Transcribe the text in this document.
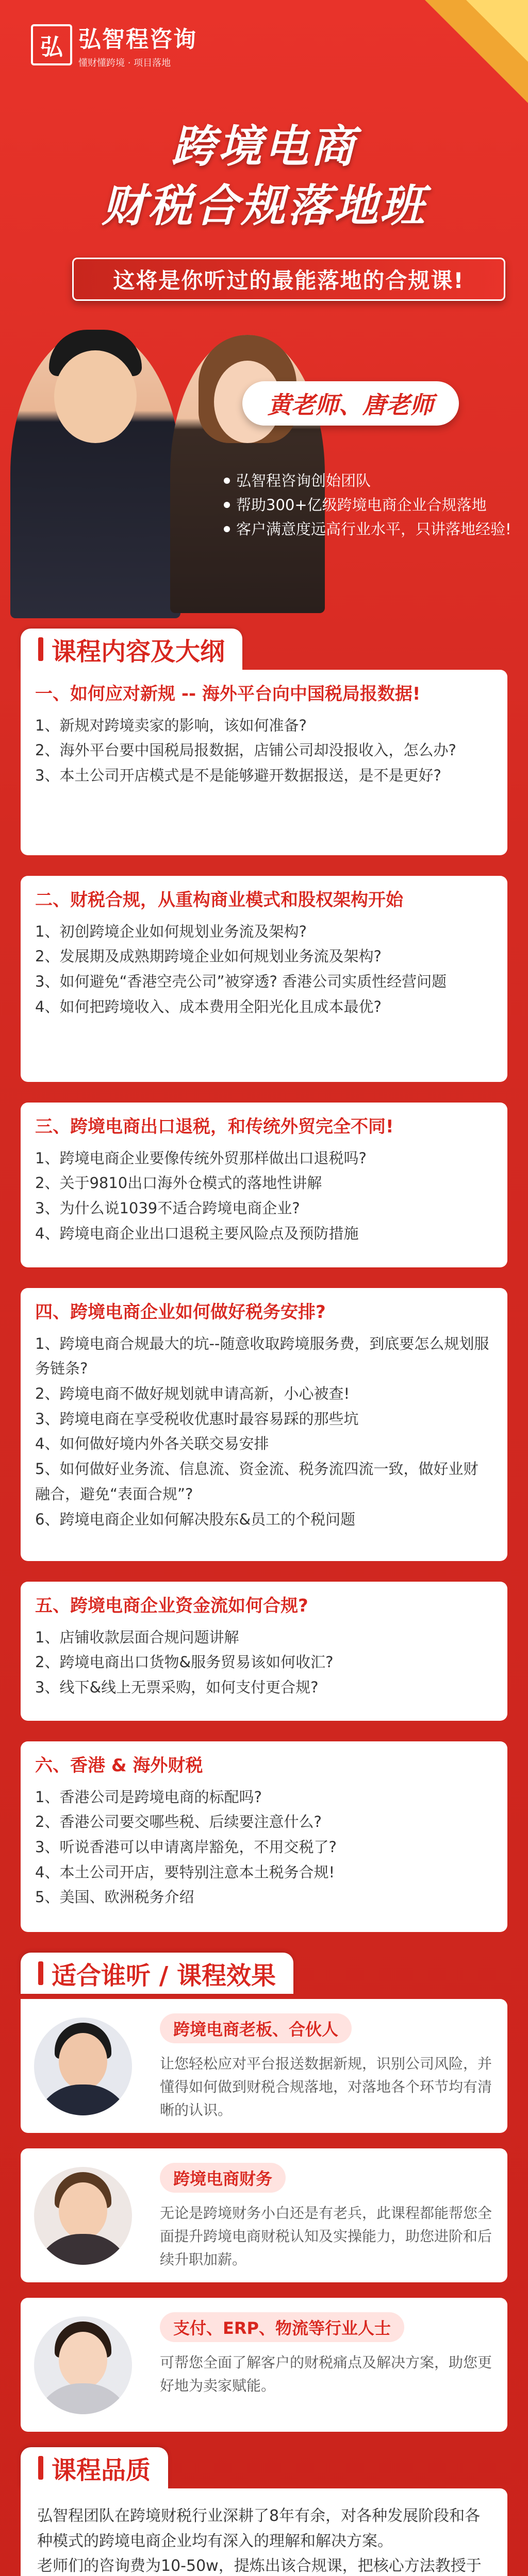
弘 弘智程咨询
懂财懂跨境 · 项目落地
跨境电商
财税合规落地班
这将是你听过的最能落地的合规课!
黄老师、唐老师
弘智程咨询创始团队
帮助300+亿级跨境电商企业合规落地
客户满意度远高行业水平，只讲落地经验!
课程内容及大纲
一、如何应对新规 -- 海外平台向中国税局报数据!
1、新规对跨境卖家的影响，该如何准备?
2、海外平台要中国税局报数据，店铺公司却没报收入，怎么办?
3、本土公司开店模式是不是能够避开数据报送，是不是更好?
二、财税合规，从重构商业模式和股权架构开始
1、初创跨境企业如何规划业务流及架构?
2、发展期及成熟期跨境企业如何规划业务流及架构?
3、如何避免“香港空壳公司”被穿透? 香港公司实质性经营问题
4、如何把跨境收入、成本费用全阳光化且成本最优?
三、跨境电商出口退税，和传统外贸完全不同!
1、跨境电商企业要像传统外贸那样做出口退税吗?
2、关于9810出口海外仓模式的落地性讲解
3、为什么说1039不适合跨境电商企业?
4、跨境电商企业出口退税主要风险点及预防措施
四、跨境电商企业如何做好税务安排?
1、跨境电商合规最大的坑--随意收取跨境服务费，到底要怎么规划服务链条?
2、跨境电商不做好规划就申请高新，小心被查!
3、跨境电商在享受税收优惠时最容易踩的那些坑
4、如何做好境内外各关联交易安排
5、如何做好业务流、信息流、资金流、税务流四流一致，做好业财融合，避免“表面合规”?
6、跨境电商企业如何解决股东&员工的个税问题
五、跨境电商企业资金流如何合规?
1、店铺收款层面合规问题讲解
2、跨境电商出口货物&服务贸易该如何收汇?
3、线下&线上无票采购，如何支付更合规?
六、香港 & 海外财税
1、香港公司是跨境电商的标配吗?
2、香港公司要交哪些税、后续要注意什么?
3、听说香港可以申请离岸豁免，不用交税了?
4、本土公司开店，要特别注意本土税务合规!
5、美国、欧洲税务介绍
适合谁听 / 课程效果
跨境电商老板、合伙人
让您轻松应对平台报送数据新规，识别公司风险，并懂得如何做到财税合规落地，对落地各个环节均有清晰的认识。
跨境电商财务
无论是跨境财务小白还是有老兵，此课程都能帮您全面提升跨境电商财税认知及实操能力，助您进阶和后续升职加薪。
支付、ERP、物流等行业人士
可帮您全面了解客户的财税痛点及解决方案，助您更好地为卖家赋能。
课程品质

弘智程团队在跨境财税行业深耕了8年有余，对各种发展阶段和各种模式的跨境电商企业均有深入的理解和解决方案。

老师们的咨询费为10-50w，提炼出该合规课，把核心方法教授于
